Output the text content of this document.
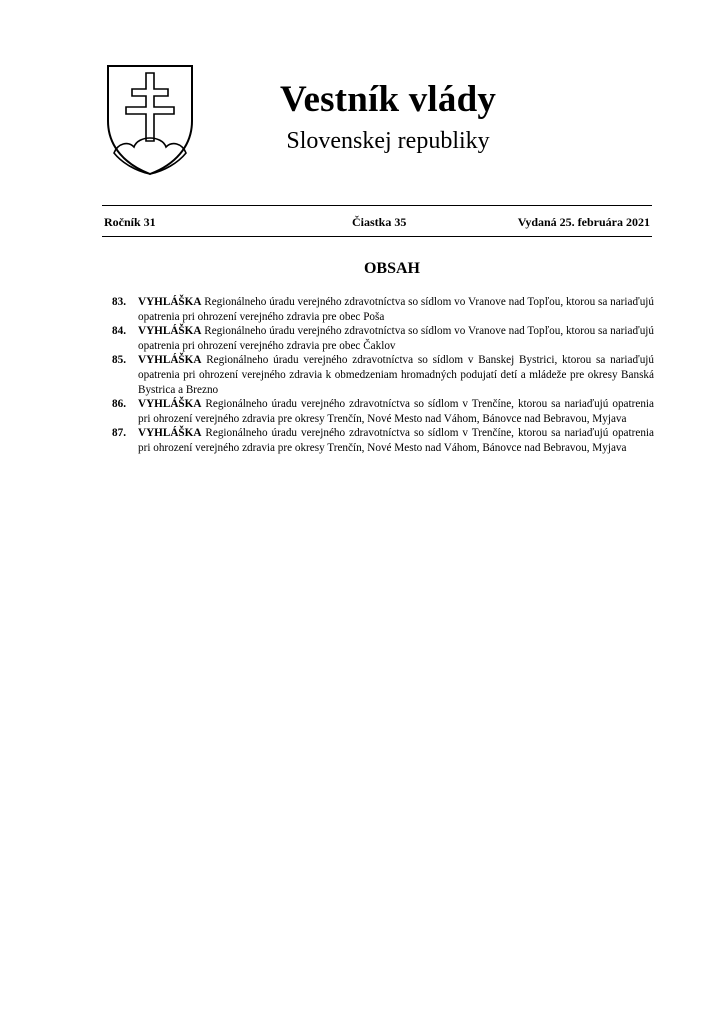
Vestník vlády
Slovenskej republiky
Ročník 31	Čiastka 35	Vydaná 25. februára 2021
OBSAH
83. VYHLÁŠKA Regionálneho úradu verejného zdravotníctva so sídlom vo Vranove nad Topľou, ktorou sa nariaďujú opatrenia pri ohrození verejného zdravia pre obec Poša
84. VYHLÁŠKA Regionálneho úradu verejného zdravotníctva so sídlom vo Vranove nad Topľou, ktorou sa nariaďujú opatrenia pri ohrození verejného zdravia pre obec Čaklov
85. VYHLÁŠKA Regionálneho úradu verejného zdravotníctva so sídlom v Banskej Bystrici, ktorou sa nariaďujú opatrenia pri ohrození verejného zdravia k obmedzeniam hromadných podujatí detí a mládeže pre okresy Banská Bystrica a Brezno
86. VYHLÁŠKA Regionálneho úradu verejného zdravotníctva so sídlom v Trenčíne, ktorou sa nariaďujú opatrenia pri ohrození verejného zdravia pre okresy Trenčín, Nové Mesto nad Váhom, Bánovce nad Bebravou, Myjava
87. VYHLÁŠKA Regionálneho úradu verejného zdravotníctva so sídlom v Trenčíne, ktorou sa nariaďujú opatrenia pri ohrození verejného zdravia pre okresy Trenčín, Nové Mesto nad Váhom, Bánovce nad Bebravou, Myjava
